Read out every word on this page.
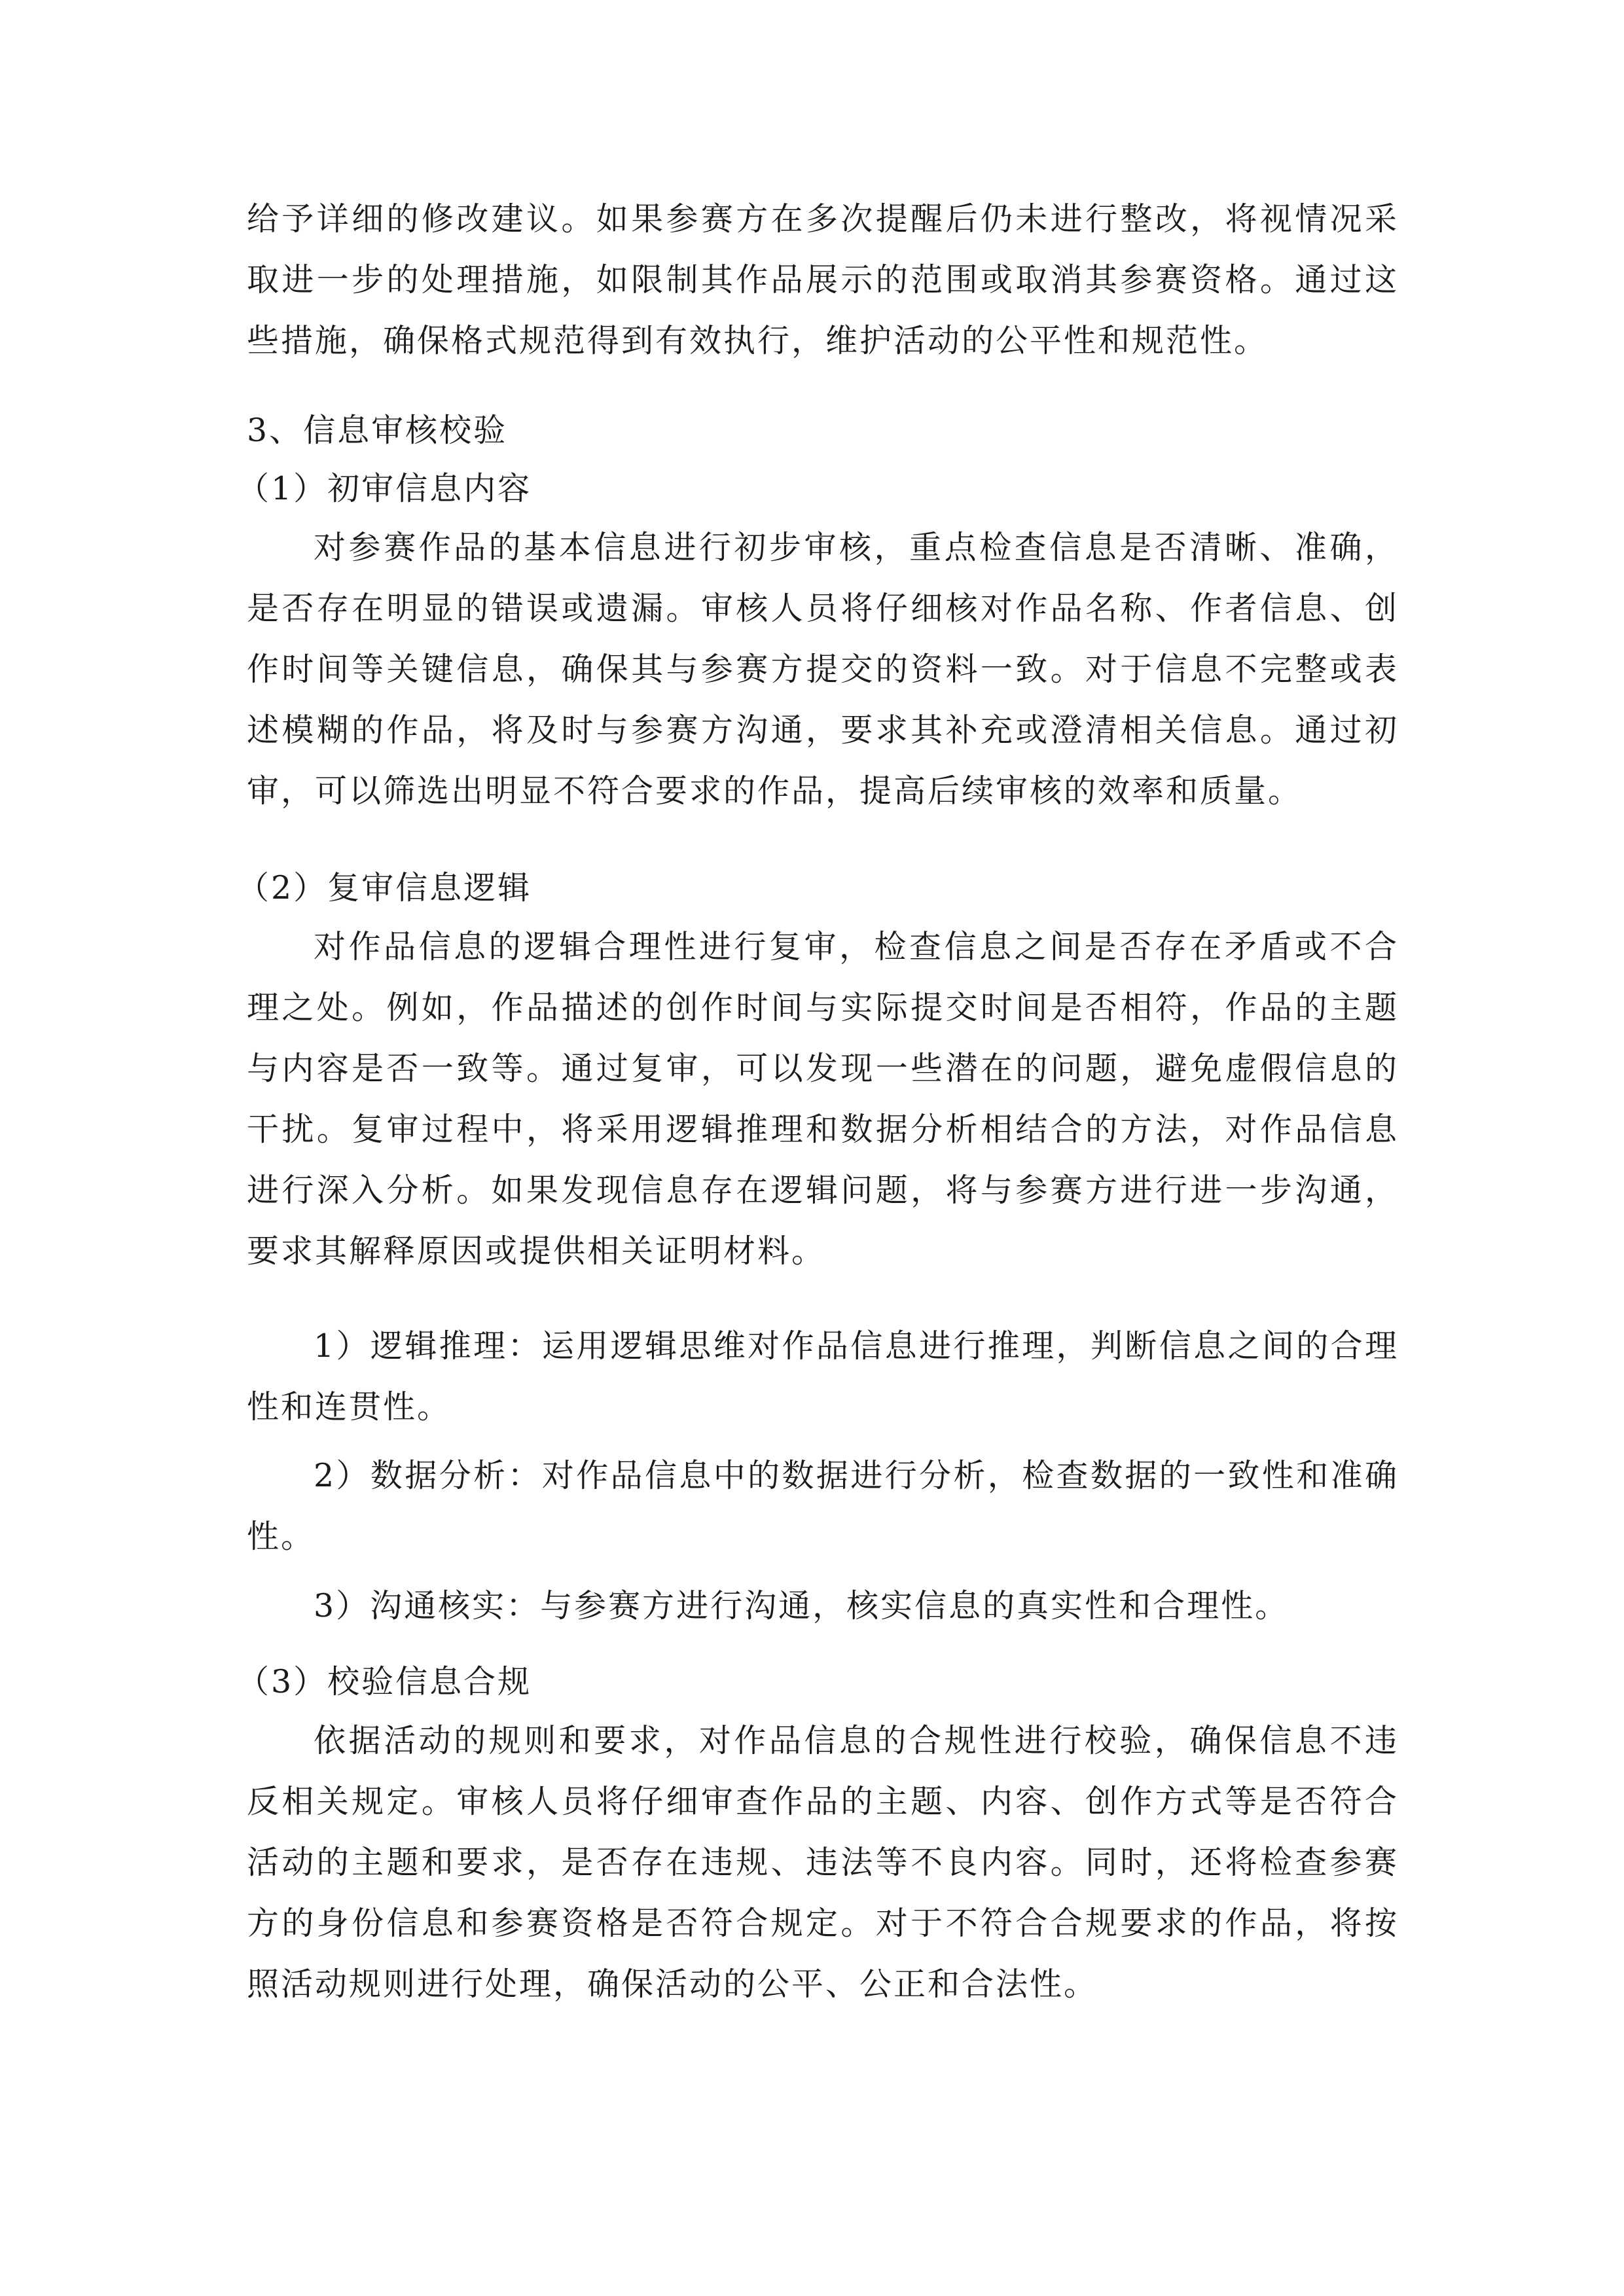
给予详细的修改建议。如果参赛方在多次提醒后仍未进行整改，将视情况采取进一步的处理措施，如限制其作品展示的范围或取消其参赛资格。通过这些措施，确保格式规范得到有效执行，维护活动的公平性和规范性。

3、信息审核校验
（1）初审信息内容

对参赛作品的基本信息进行初步审核，重点检查信息是否清晰、准确，是否存在明显的错误或遗漏。审核人员将仔细核对作品名称、作者信息、创作时间等关键信息，确保其与参赛方提交的资料一致。对于信息不完整或表述模糊的作品，将及时与参赛方沟通，要求其补充或澄清相关信息。通过初审，可以筛选出明显不符合要求的作品，提高后续审核的效率和质量。

（2）复审信息逻辑

对作品信息的逻辑合理性进行复审，检查信息之间是否存在矛盾或不合理之处。例如，作品描述的创作时间与实际提交时间是否相符，作品的主题与内容是否一致等。通过复审，可以发现一些潜在的问题，避免虚假信息的干扰。复审过程中，将采用逻辑推理和数据分析相结合的方法，对作品信息进行深入分析。如果发现信息存在逻辑问题，将与参赛方进行进一步沟通，要求其解释原因或提供相关证明材料。

1）逻辑推理：运用逻辑思维对作品信息进行推理，判断信息之间的合理性和连贯性。

2）数据分析：对作品信息中的数据进行分析，检查数据的一致性和准确性。

3）沟通核实：与参赛方进行沟通，核实信息的真实性和合理性。

（3）校验信息合规

依据活动的规则和要求，对作品信息的合规性进行校验，确保信息不违反相关规定。审核人员将仔细审查作品的主题、内容、创作方式等是否符合活动的主题和要求，是否存在违规、违法等不良内容。同时，还将检查参赛方的身份信息和参赛资格是否符合规定。对于不符合合规要求的作品，将按照活动规则进行处理，确保活动的公平、公正和合法性。
